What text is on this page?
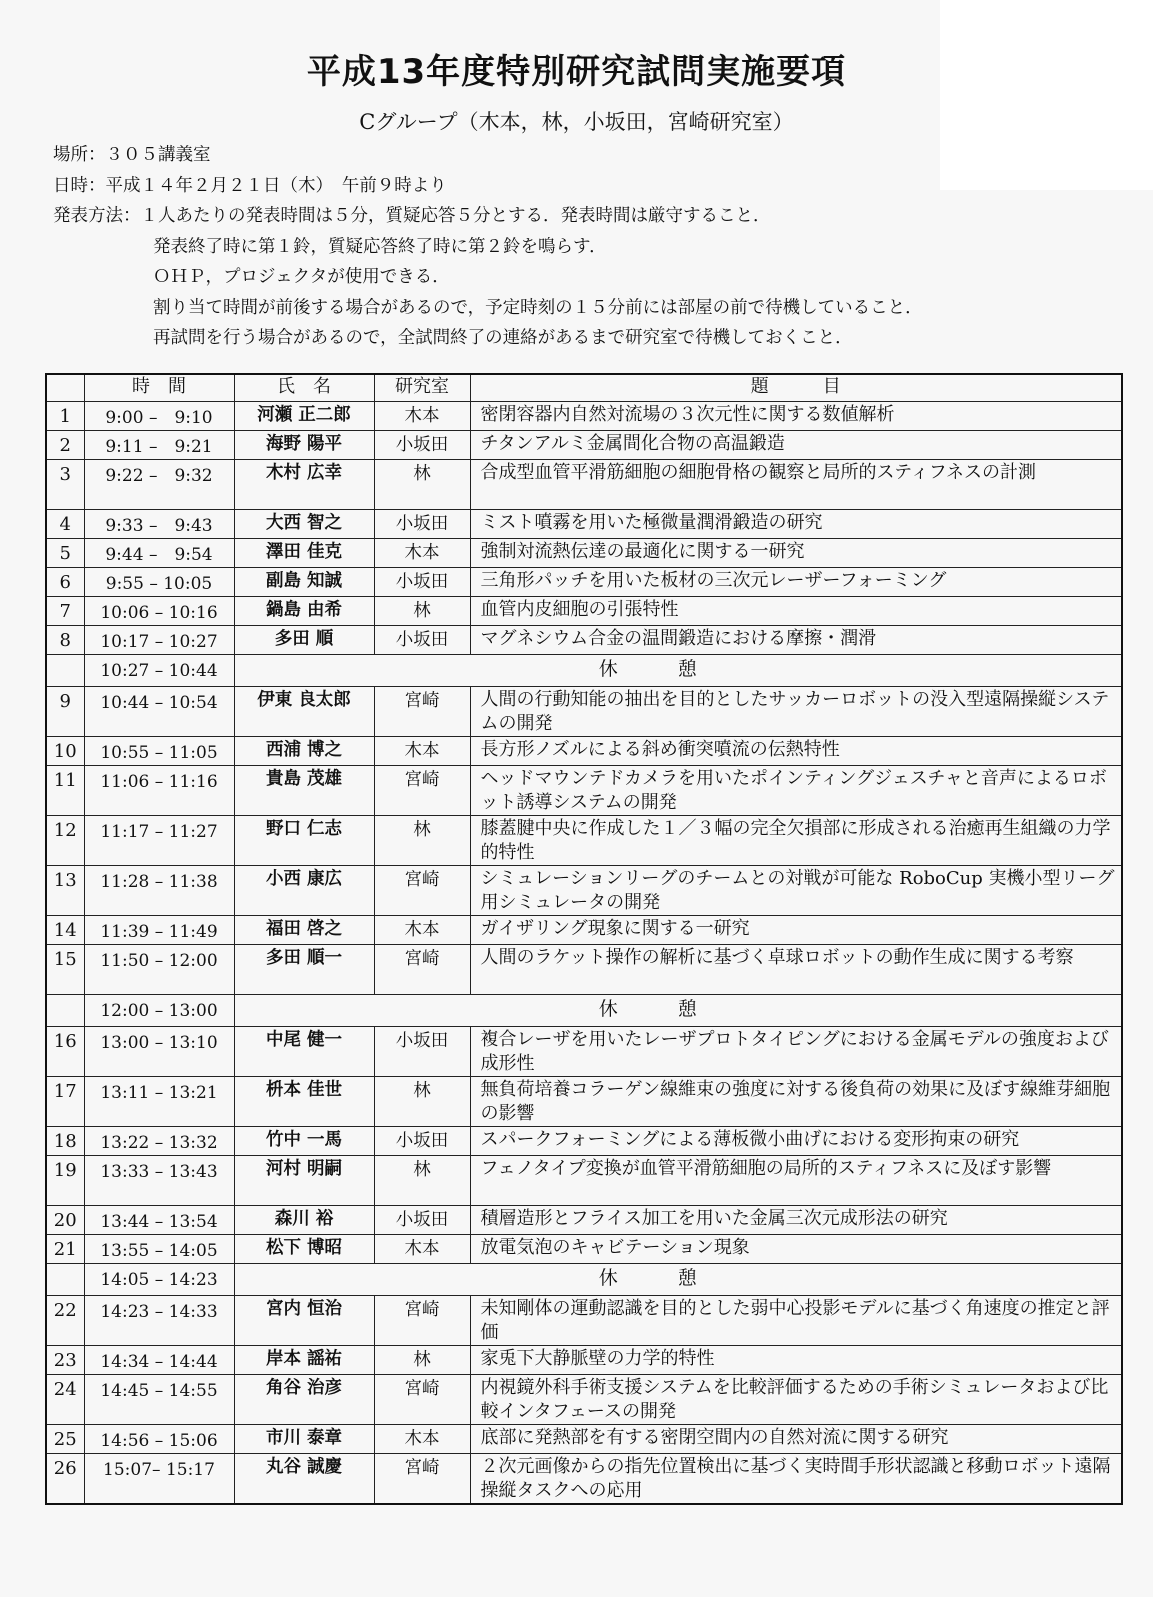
平成13年度特別研究試問実施要項
Cグループ（木本，林，小坂田，宮崎研究室）
場所：３０５講義室
日時：平成１４年２月２１日（木）　午前９時より
発表方法：１人あたりの発表時間は５分，質疑応答５分とする．発表時間は厳守すること．
発表終了時に第１鈴，質疑応答終了時に第２鈴を鳴らす．
ＯＨＰ，プロジェクタが使用できる．
割り当て時間が前後する場合があるので，予定時刻の１５分前には部屋の前で待機していること．
再試問を行う場合があるので，全試問終了の連絡があるまで研究室で待機しておくこと．
	時　間	氏　名	研究室	題　　　目
1	9:00 –　9:10	河瀬 正二郎	木本	密閉容器内自然対流場の３次元性に関する数値解析
2	9:11 –　9:21	海野 陽平	小坂田	チタンアルミ金属間化合物の高温鍛造
3	9:22 –　9:32	木村 広幸	林	合成型血管平滑筋細胞の細胞骨格の観察と局所的スティフネスの計測
4	9:33 –　9:43	大西 智之	小坂田	ミスト噴霧を用いた極微量潤滑鍛造の研究
5	9:44 –　9:54	澤田 佳克	木本	強制対流熱伝達の最適化に関する一研究
6	9:55 – 10:05	副島 知誠	小坂田	三角形パッチを用いた板材の三次元レーザーフォーミング
7	10:06 – 10:16	鍋島 由希	林	血管内皮細胞の引張特性
8	10:17 – 10:27	多田 順	小坂田	マグネシウム合金の温間鍛造における摩擦・潤滑
	10:27 – 10:44	休憩		
9	10:44 – 10:54	伊東 良太郎	宮崎	人間の行動知能の抽出を目的としたサッカーロボットの没入型遠隔操縦システムの開発
10	10:55 – 11:05	西浦 博之	木本	長方形ノズルによる斜め衝突噴流の伝熱特性
11	11:06 – 11:16	貴島 茂雄	宮崎	ヘッドマウンテドカメラを用いたポインティングジェスチャと音声によるロボット誘導システムの開発
12	11:17 – 11:27	野口 仁志	林	膝蓋腱中央に作成した１／３幅の完全欠損部に形成される治癒再生組織の力学的特性
13	11:28 – 11:38	小西 康広	宮崎	シミュレーションリーグのチームとの対戦が可能な RoboCup 実機小型リーグ用シミュレータの開発
14	11:39 – 11:49	福田 啓之	木本	ガイザリング現象に関する一研究
15	11:50 – 12:00	多田 順一	宮崎	人間のラケット操作の解析に基づく卓球ロボットの動作生成に関する考察
	12:00 – 13:00	休憩		
16	13:00 – 13:10	中尾 健一	小坂田	複合レーザを用いたレーザプロトタイピングにおける金属モデルの強度および成形性
17	13:11 – 13:21	枡本 佳世	林	無負荷培養コラーゲン線維束の強度に対する後負荷の効果に及ぼす線維芽細胞の影響
18	13:22 – 13:32	竹中 一馬	小坂田	スパークフォーミングによる薄板微小曲げにおける変形拘束の研究
19	13:33 – 13:43	河村 明嗣	林	フェノタイプ変換が血管平滑筋細胞の局所的スティフネスに及ぼす影響
20	13:44 – 13:54	森川 裕	小坂田	積層造形とフライス加工を用いた金属三次元成形法の研究
21	13:55 – 14:05	松下 博昭	木本	放電気泡のキャビテーション現象
	14:05 – 14:23	休憩		
22	14:23 – 14:33	宮内 恒治	宮崎	未知剛体の運動認識を目的とした弱中心投影モデルに基づく角速度の推定と評価
23	14:34 – 14:44	岸本 謡祐	林	家兎下大静脈壁の力学的特性
24	14:45 – 14:55	角谷 治彦	宮崎	内視鏡外科手術支援システムを比較評価するための手術シミュレータおよび比較インタフェースの開発
25	14:56 – 15:06	市川 泰章	木本	底部に発熱部を有する密閉空間内の自然対流に関する研究
26	15:07– 15:17	丸谷 誠慶	宮崎	２次元画像からの指先位置検出に基づく実時間手形状認識と移動ロボット遠隔操縦タスクへの応用
